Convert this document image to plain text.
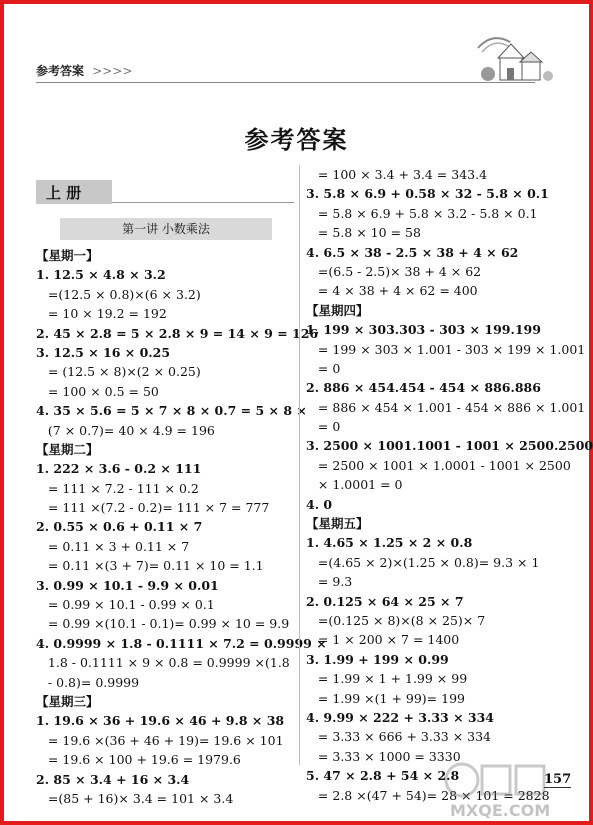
参考答案 >>>>
参考答案
上 册
第一讲 小数乘法
【星期一】
1. 12.5 × 4.8 × 3.2
=(12.5 × 0.8)×(6 × 3.2)
= 10 × 19.2 = 192
2. 45 × 2.8 = 5 × 2.8 × 9 = 14 × 9 = 126
3. 12.5 × 16 × 0.25
= (12.5 × 8)×(2 × 0.25)
= 100 × 0.5 = 50
4. 35 × 5.6 = 5 × 7 × 8 × 0.7 = 5 × 8 ×
(7 × 0.7)= 40 × 4.9 = 196
【星期二】
1. 222 × 3.6 - 0.2 × 111
= 111 × 7.2 - 111 × 0.2
= 111 ×(7.2 - 0.2)= 111 × 7 = 777
2. 0.55 × 0.6 + 0.11 × 7
= 0.11 × 3 + 0.11 × 7
= 0.11 ×(3 + 7)= 0.11 × 10 = 1.1
3. 0.99 × 10.1 - 9.9 × 0.01
= 0.99 × 10.1 - 0.99 × 0.1
= 0.99 ×(10.1 - 0.1)= 0.99 × 10 = 9.9
4. 0.9999 × 1.8 - 0.1111 × 7.2 = 0.9999 ×
1.8 - 0.1111 × 9 × 0.8 = 0.9999 ×(1.8
- 0.8)= 0.9999
【星期三】
1. 19.6 × 36 + 19.6 × 46 + 9.8 × 38
= 19.6 ×(36 + 46 + 19)= 19.6 × 101
= 19.6 × 100 + 19.6 = 1979.6
2. 85 × 3.4 + 16 × 3.4
=(85 + 16)× 3.4 = 101 × 3.4
= 100 × 3.4 + 3.4 = 343.4
3. 5.8 × 6.9 + 0.58 × 32 - 5.8 × 0.1
= 5.8 × 6.9 + 5.8 × 3.2 - 5.8 × 0.1
= 5.8 × 10 = 58
4. 6.5 × 38 - 2.5 × 38 + 4 × 62
=(6.5 - 2.5)× 38 + 4 × 62
= 4 × 38 + 4 × 62 = 400
【星期四】
1. 199 × 303.303 - 303 × 199.199
= 199 × 303 × 1.001 - 303 × 199 × 1.001
= 0
2. 886 × 454.454 - 454 × 886.886
= 886 × 454 × 1.001 - 454 × 886 × 1.001
= 0
3. 2500 × 1001.1001 - 1001 × 2500.2500
= 2500 × 1001 × 1.0001 - 1001 × 2500
× 1.0001 = 0
4. 0
【星期五】
1. 4.65 × 1.25 × 2 × 0.8
=(4.65 × 2)×(1.25 × 0.8)= 9.3 × 1
= 9.3
2. 0.125 × 64 × 25 × 7
=(0.125 × 8)×(8 × 25)× 7
= 1 × 200 × 7 = 1400
3. 1.99 + 199 × 0.99
= 1.99 × 1 + 1.99 × 99
= 1.99 ×(1 + 99)= 199
4. 9.99 × 222 + 3.33 × 334
= 3.33 × 666 + 3.33 × 334
= 3.33 × 1000 = 3330
5. 47 × 2.8 + 54 × 2.8
= 2.8 ×(47 + 54)= 28 × 101 = 2828
MXQE.COM
157
